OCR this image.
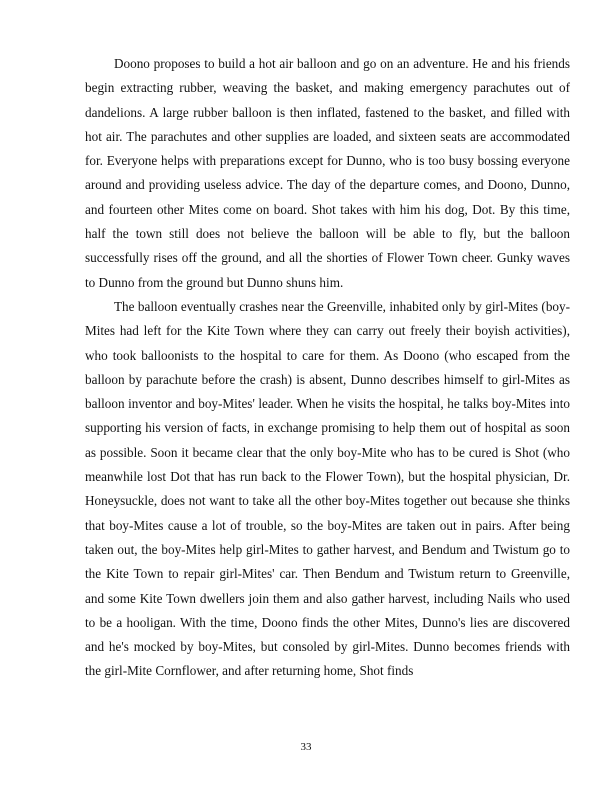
Doono proposes to build a hot air balloon and go on an adventure. He and his friends begin extracting rubber, weaving the basket, and making emergency parachutes out of dandelions. A large rubber balloon is then inflated, fastened to the basket, and filled with hot air. The parachutes and other supplies are loaded, and sixteen seats are accommodated for. Everyone helps with preparations except for Dunno, who is too busy bossing everyone around and providing useless advice. The day of the departure comes, and Doono, Dunno, and fourteen other Mites come on board. Shot takes with him his dog, Dot. By this time, half the town still does not believe the balloon will be able to fly, but the balloon successfully rises off the ground, and all the shorties of Flower Town cheer. Gunky waves to Dunno from the ground but Dunno shuns him.

The balloon eventually crashes near the Greenville, inhabited only by girl-Mites (boy-Mites had left for the Kite Town where they can carry out freely their boyish activities), who took balloonists to the hospital to care for them. As Doono (who escaped from the balloon by parachute before the crash) is absent, Dunno describes himself to girl-Mites as balloon inventor and boy-Mites' leader. When he visits the hospital, he talks boy-Mites into supporting his version of facts, in exchange promising to help them out of hospital as soon as possible. Soon it became clear that the only boy-Mite who has to be cured is Shot (who meanwhile lost Dot that has run back to the Flower Town), but the hospital physician, Dr. Honeysuckle, does not want to take all the other boy-Mites together out because she thinks that boy-Mites cause a lot of trouble, so the boy-Mites are taken out in pairs. After being taken out, the boy-Mites help girl-Mites to gather harvest, and Bendum and Twistum go to the Kite Town to repair girl-Mites' car. Then Bendum and Twistum return to Greenville, and some Kite Town dwellers join them and also gather harvest, including Nails who used to be a hooligan. With the time, Doono finds the other Mites, Dunno's lies are discovered and he's mocked by boy-Mites, but consoled by girl-Mites. Dunno becomes friends with the girl-Mite Cornflower, and after returning home, Shot finds

33
